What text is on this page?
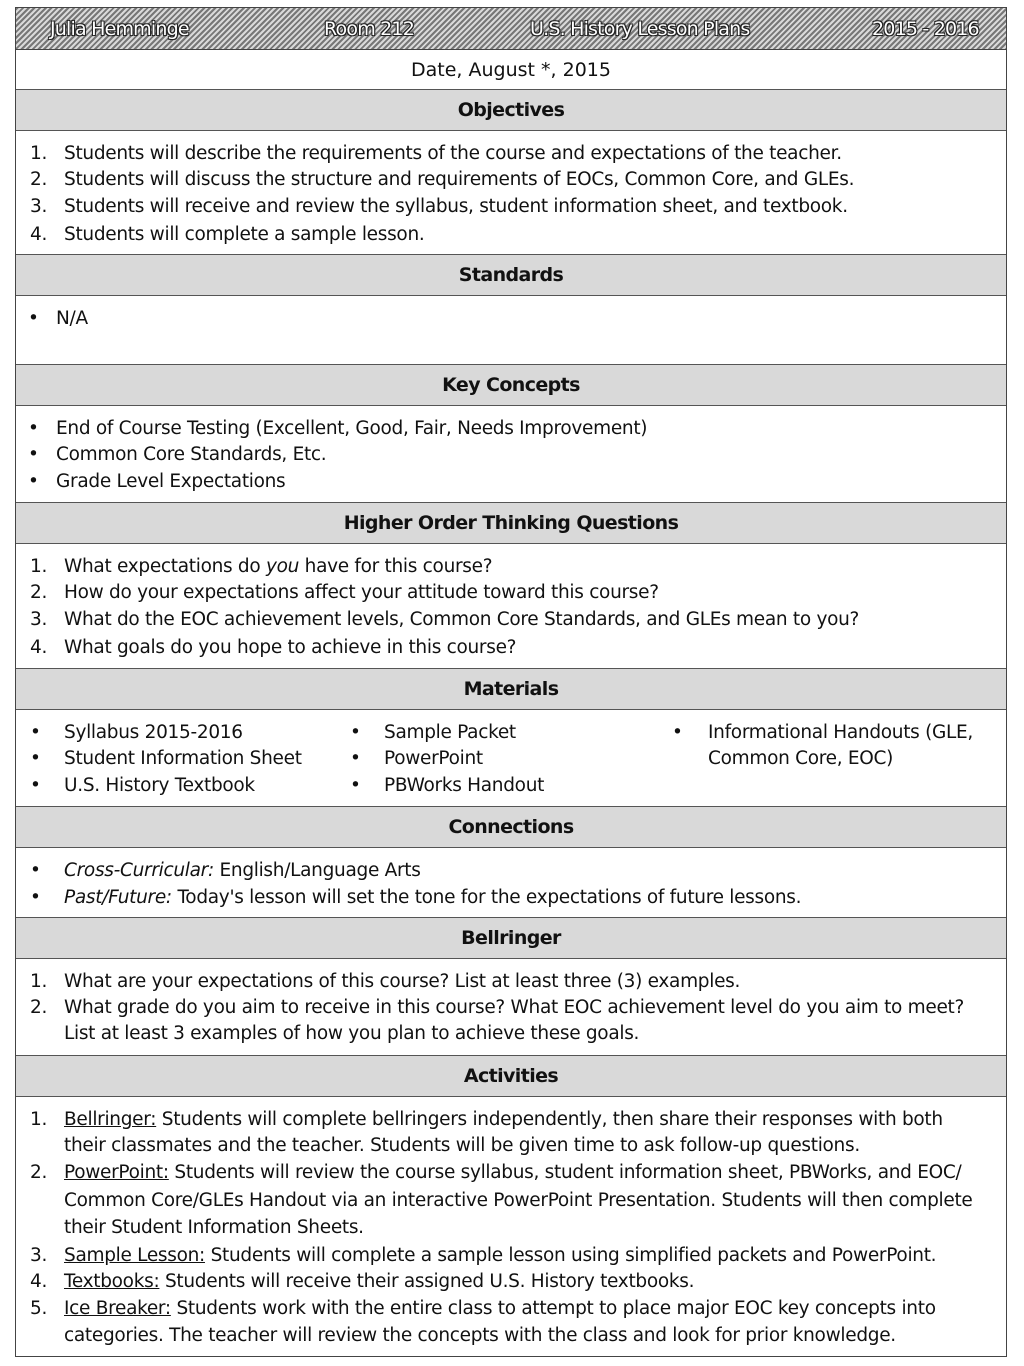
Julia Hemminge	Room 212	U.S. History Lesson Plans	2015 - 2016
Date, August *, 2015
Objectives
1. Students will describe the requirements of the course and expectations of the teacher.
2. Students will discuss the structure and requirements of EOCs, Common Core, and GLEs.
3. Students will receive and review the syllabus, student information sheet, and textbook.
4. Students will complete a sample lesson.
Standards
• N/A
Key Concepts
• End of Course Testing (Excellent, Good, Fair, Needs Improvement)
• Common Core Standards, Etc.
• Grade Level Expectations
Higher Order Thinking Questions
1. What expectations do you have for this course?
2. How do your expectations affect your attitude toward this course?
3. What do the EOC achievement levels, Common Core Standards, and GLEs mean to you?
4. What goals do you hope to achieve in this course?
Materials
• Syllabus 2015-2016
• Student Information Sheet
• U.S. History Textbook
• Sample Packet
• PowerPoint
• PBWorks Handout
• Informational Handouts (GLE,
Common Core, EOC)
Connections
• Cross-Curricular: English/Language Arts
• Past/Future: Today's lesson will set the tone for the expectations of future lessons.
Bellringer
1. What are your expectations of this course? List at least three (3) examples.
2. What grade do you aim to receive in this course? What EOC achievement level do you aim to meet?
List at least 3 examples of how you plan to achieve these goals.
Activities
1. Bellringer: Students will complete bellringers independently, then share their responses with both
their classmates and the teacher. Students will be given time to ask follow-up questions.
2. PowerPoint: Students will review the course syllabus, student information sheet, PBWorks, and EOC/
Common Core/GLEs Handout via an interactive PowerPoint Presentation. Students will then complete
their Student Information Sheets.
3. Sample Lesson: Students will complete a sample lesson using simplified packets and PowerPoint.
4. Textbooks: Students will receive their assigned U.S. History textbooks.
5. Ice Breaker: Students work with the entire class to attempt to place major EOC key concepts into
categories. The teacher will review the concepts with the class and look for prior knowledge.
